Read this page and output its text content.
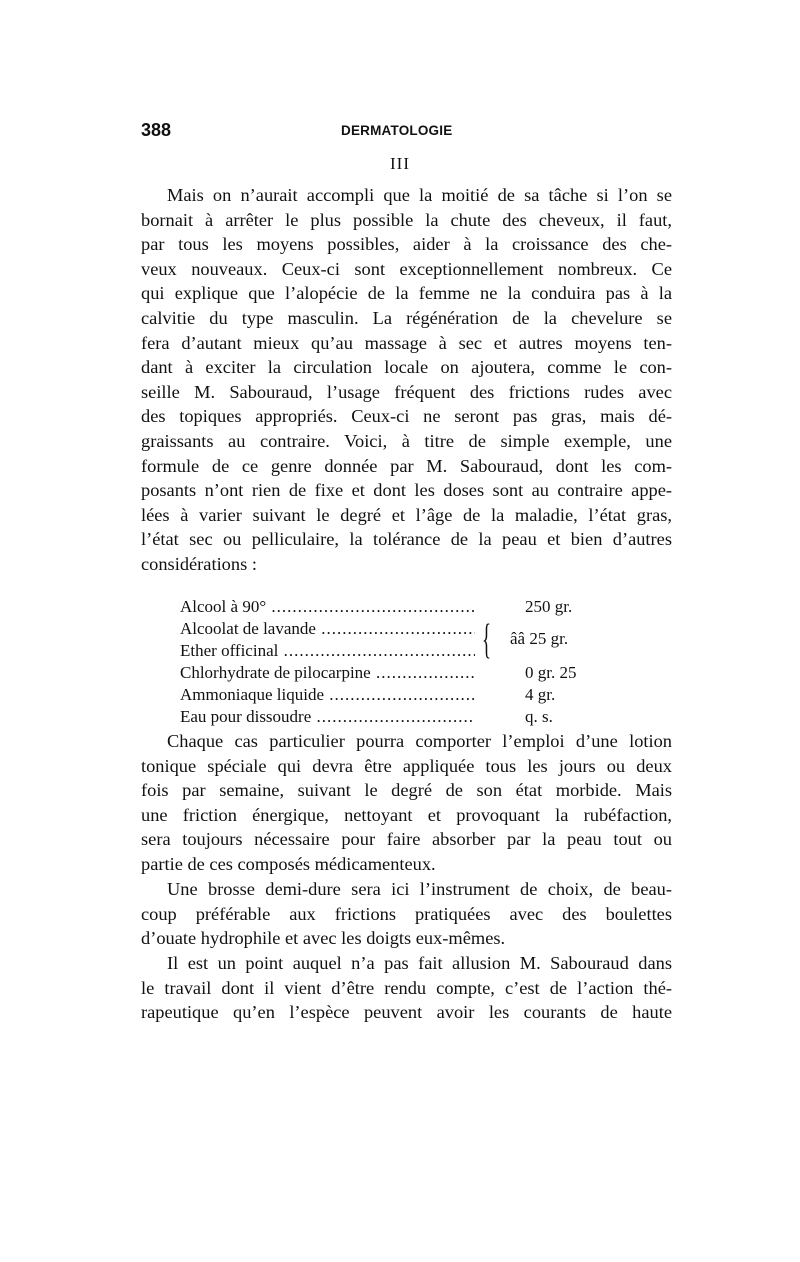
388	DERMATOLOGIE
III
Mais on n’aurait accompli que la moitié de sa tâche si l’on se
bornait à arrêter le plus possible la chute des cheveux, il faut,
par tous les moyens possibles, aider à la croissance des che-
veux nouveaux. Ceux-ci sont exceptionnellement nombreux. Ce
qui explique que l’alopécie de la femme ne la conduira pas à la
calvitie du type masculin. La régénération de la chevelure se
fera d’autant mieux qu’au massage à sec et autres moyens ten-
dant à exciter la circulation locale on ajoutera, comme le con-
seille M. Sabouraud, l’usage fréquent des frictions rudes avec
des topiques appropriés. Ceux-ci ne seront pas gras, mais dé-
graissants au contraire. Voici, à titre de simple exemple, une
formule de ce genre donnée par M. Sabouraud, dont les com-
posants n’ont rien de fixe et dont les doses sont au contraire appe-
lées à varier suivant le degré et l’âge de la maladie, l’état gras,
l’état sec ou pelliculaire, la tolérance de la peau et bien d’autres
considérations :
Alcool à 90° .....	250 gr.
Alcoolat de lavande .....
Ether officinal .....	{ ââ 25 gr.
Chlorhydrate de pilocarpine .....	0 gr. 25
Ammoniaque liquide .....	4 gr.
Eau pour dissoudre .....	q. s.
Chaque cas particulier pourra comporter l’emploi d’une lotion
tonique spéciale qui devra être appliquée tous les jours ou deux
fois par semaine, suivant le degré de son état morbide. Mais
une friction énergique, nettoyant et provoquant la rubéfaction,
sera toujours nécessaire pour faire absorber par la peau tout ou
partie de ces composés médicamenteux.
Une brosse demi-dure sera ici l’instrument de choix, de beau-
coup préférable aux frictions pratiquées avec des boulettes
d’ouate hydrophile et avec les doigts eux-mêmes.
Il est un point auquel n’a pas fait allusion M. Sabouraud dans
le travail dont il vient d’être rendu compte, c’est de l’action thé-
rapeutique qu’en l’espèce peuvent avoir les courants de haute
